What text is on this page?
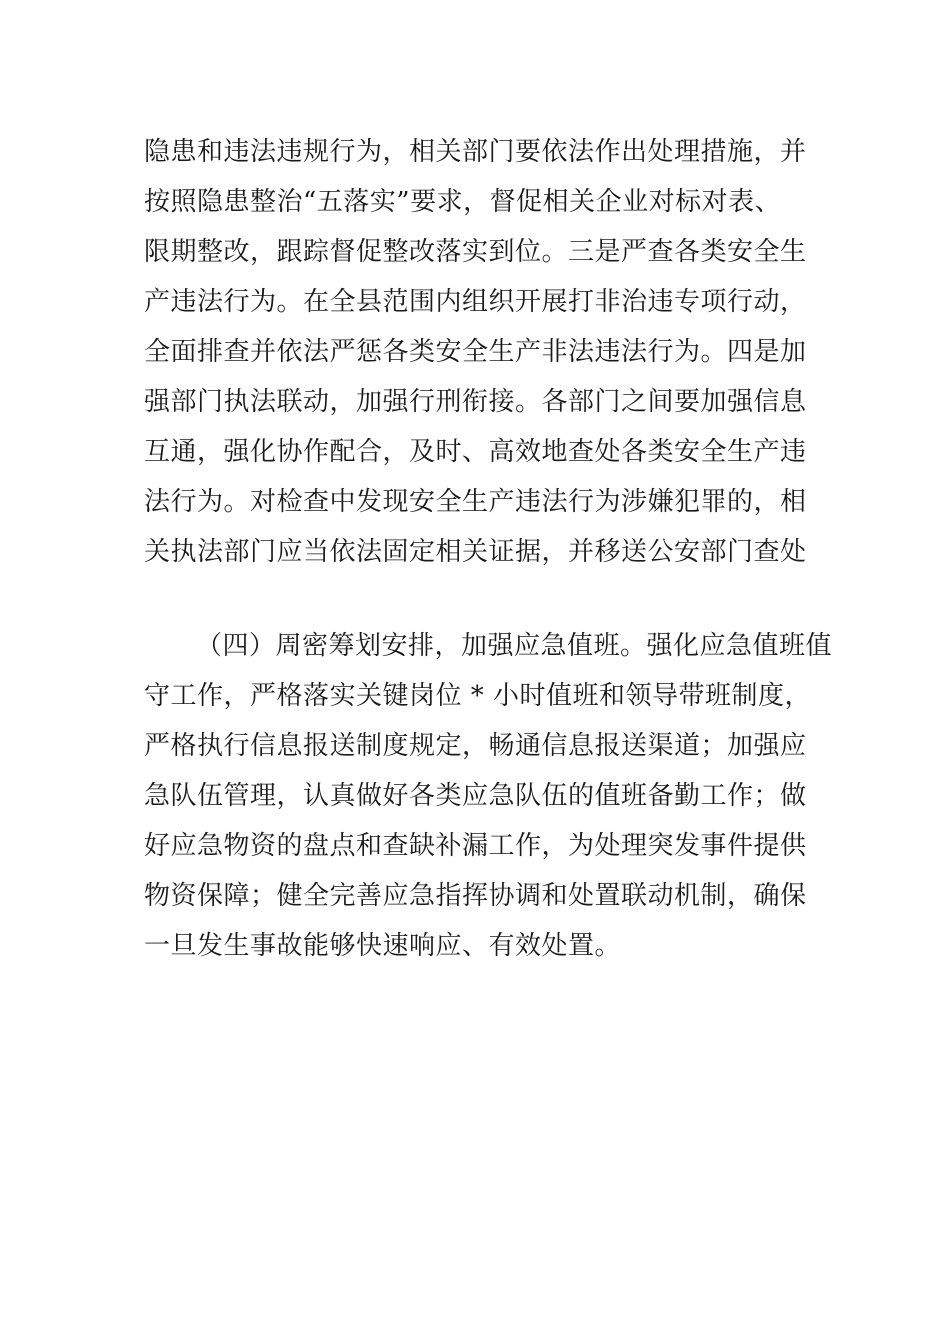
隐患和违法违规行为，相关部门要依法作出处理措施，并
按照隐患整治“五落实”要求，督促相关企业对标对表、
限期整改，跟踪督促整改落实到位。三是严查各类安全生
产违法行为。在全县范围内组织开展打非治违专项行动，
全面排查并依法严惩各类安全生产非法违法行为。四是加
强部门执法联动，加强行刑衔接。各部门之间要加强信息
互通，强化协作配合，及时、高效地查处各类安全生产违
法行为。对检查中发现安全生产违法行为涉嫌犯罪的，相
关执法部门应当依法固定相关证据，并移送公安部门查处
（四）周密筹划安排，加强应急值班。强化应急值班值
守工作，严格落实关键岗位 * 小时值班和领导带班制度，
严格执行信息报送制度规定，畅通信息报送渠道；加强应
急队伍管理，认真做好各类应急队伍的值班备勤工作；做
好应急物资的盘点和查缺补漏工作，为处理突发事件提供
物资保障；健全完善应急指挥协调和处置联动机制，确保
一旦发生事故能够快速响应、有效处置。
